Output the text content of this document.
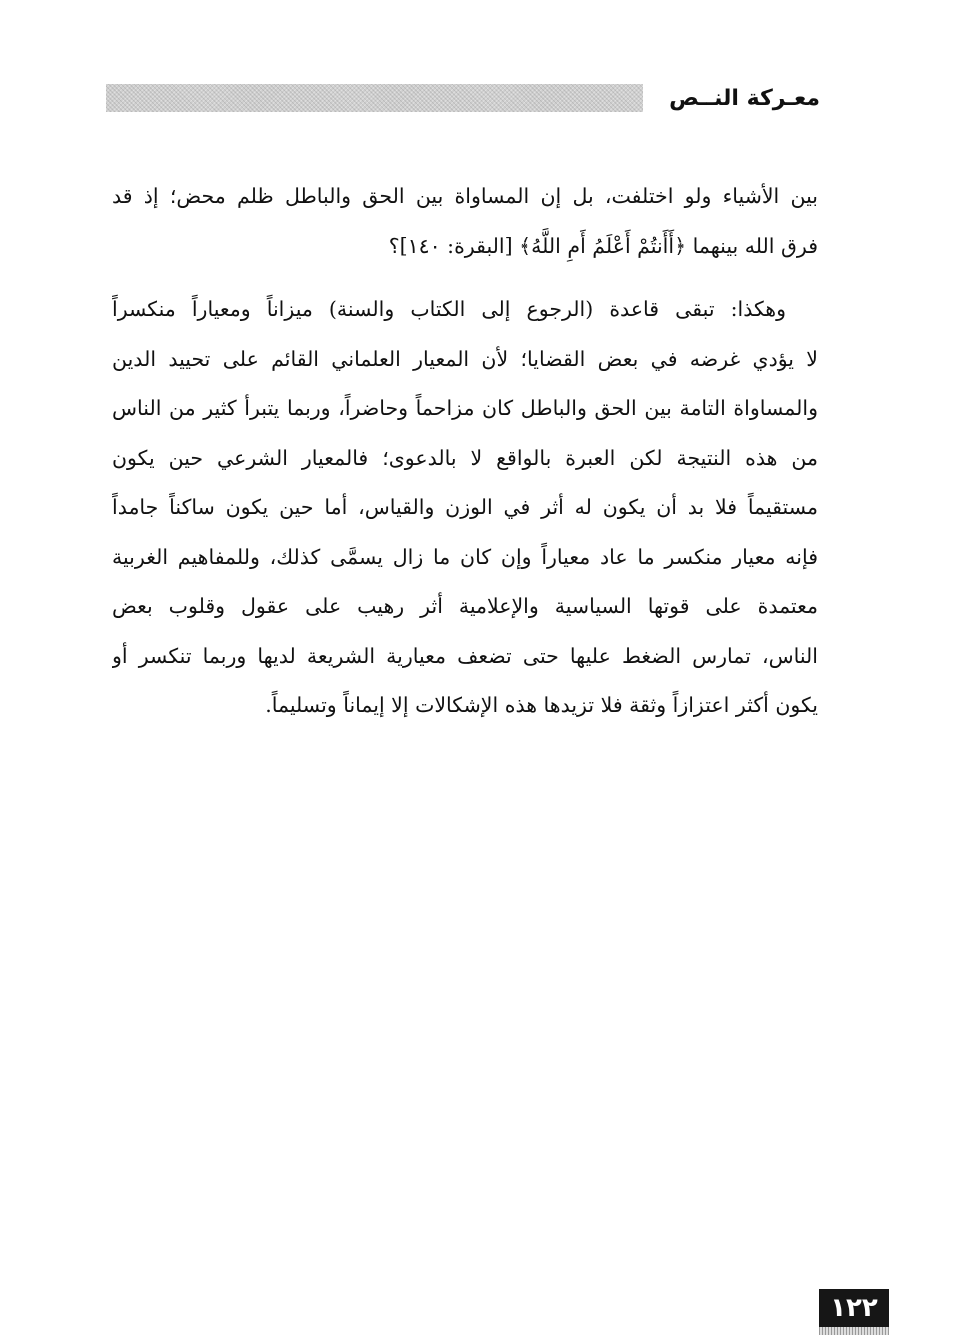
معـركة النــص
بين الأشياء ولو اختلفت، بل إن المساواة بين الحق والباطل ظلم محض؛ إذ قد
فرق الله بينهما ﴿أَأَنتُمْ أَعْلَمُ أَمِ اللَّهُ﴾ [البقرة: ١٤٠]؟
وهكذا: تبقى قاعدة (الرجوع إلى الكتاب والسنة) ميزاناً ومعياراً منكسراً
لا يؤدي غرضه في بعض القضايا؛ لأن المعيار العلماني القائم على تحييد الدين
والمساواة التامة بين الحق والباطل كان مزاحماً وحاضراً، وربما يتبرأ كثير من الناس
من هذه النتيجة لكن العبرة بالواقع لا بالدعوى؛ فالمعيار الشرعي حين يكون
مستقيماً فلا بد أن يكون له أثر في الوزن والقياس، أما حين يكون ساكناً جامداً
فإنه معيار منكسر ما عاد معياراً وإن كان ما زال يسمَّى كذلك، وللمفاهيم الغربية
معتمدة على قوتها السياسية والإعلامية أثر رهيب على عقول وقلوب بعض
الناس، تمارس الضغط عليها حتى تضعف معيارية الشريعة لديها وربما تنكسر أو
يكون أكثر اعتزازاً وثقة فلا تزيدها هذه الإشكالات إلا إيماناً وتسليماً.
١٢٢
